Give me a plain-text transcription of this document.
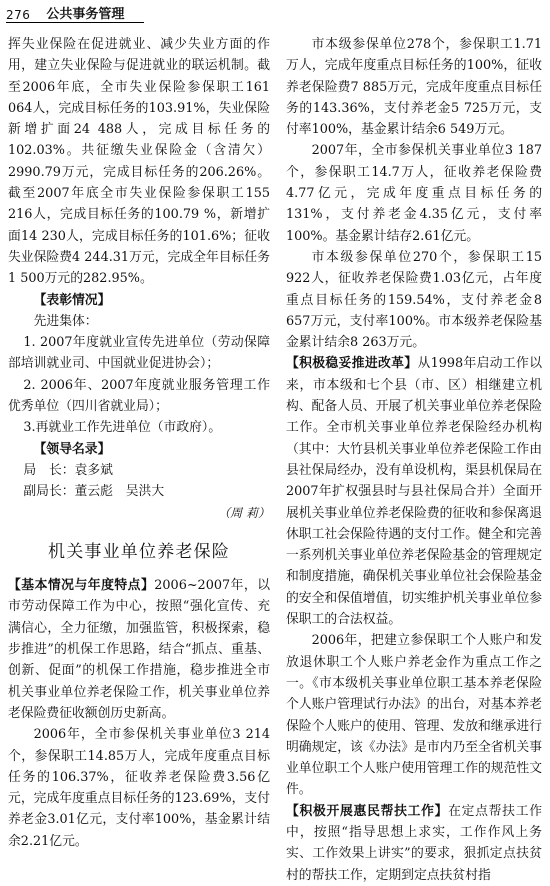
276 公共事务管理

挥失业保险在促进就业、减少失业方面的作用，建立失业保险与促进就业的联运机制。截至2006年底，全市失业保险参保职工161 064人，完成目标任务的103.91%，失业保险新增扩面24 488人，完成目标任务的102.03%。共征缴失业保险金（含清欠）2990.79万元，完成目标任务的206.26%。截至2007年底全市失业保险参保职工155 216人，完成目标任务的100.79 %，新增扩面14 230人，完成目标任务的101.6%；征收失业保险费4 244.31万元，完成全年目标任务1 500万元的282.95%。

【表彰情况】

先进集体：

1. 2007年度就业宣传先进单位（劳动保障部培训就业司、中国就业促进协会）；

2. 2006年、2007年度就业服务管理工作优秀单位（四川省就业局）；

3.再就业工作先进单位（市政府）。

【领导名录】

局　长：袁多斌

副局长：董云彪　吴洪大

（周 莉）

机关事业单位养老保险

【基本情况与年度特点】2006~2007年，以市劳动保障工作为中心，按照“强化宣传、充满信心，全力征缴，加强监管，积极探索，稳步推进”的机保工作思路，结合“抓点、重基、创新、促面”的机保工作措施，稳步推进全市机关事业单位养老保险工作，机关事业单位养老保险费征收额创历史新高。

2006年，全市参保机关事业单位3 214个，参保职工14.85万人，完成年度重点目标任务的106.37%，征收养老保险费3.56亿元，完成年度重点目标任务的123.69%，支付养老金3.01亿元，支付率100%，基金累计结余2.21亿元。

市本级参保单位278个，参保职工1.71万人，完成年度重点目标任务的100%，征收养老保险费7 885万元，完成年度重点目标任务的143.36%，支付养老金5 725万元，支付率100%，基金累计结余6 549万元。

2007年，全市参保机关事业单位3 187个，参保职工14.7万人，征收养老保险费4.77亿元，完成年度重点目标任务的131%，支付养老金4.35亿元，支付率100%。基金累计结存2.61亿元。

市本级参保单位270个，参保职工15 922人，征收养老保险费1.03亿元，占年度重点目标任务的159.54%，支付养老金8 657万元，支付率100%。市本级养老保险基金累计结余8 263万元。

【积极稳妥推进改革】从1998年启动工作以来，市本级和七个县（市、区）相继建立机构、配备人员、开展了机关事业单位养老保险工作。全市机关事业单位养老保险经办机构（其中：大竹县机关事业单位养老保险工作由县社保局经办，没有单设机构，渠县机保局在2007年扩权强县时与县社保局合并）全面开展机关事业单位养老保险费的征收和参保离退休职工社会保险待遇的支付工作。健全和完善一系列机关事业单位养老保险基金的管理规定和制度措施，确保机关事业单位社会保险基金的安全和保值增值，切实维护机关事业单位参保职工的合法权益。

2006年，把建立参保职工个人账户和发放退休职工个人账户养老金作为重点工作之一。《市本级机关事业单位职工基本养老保险个人账户管理试行办法》的出台，对基本养老保险个人账户的使用、管理、发放和继承进行明确规定，该《办法》是市内乃至全省机关事业单位职工个人账户使用管理工作的规范性文件。

【积极开展惠民帮扶工作】在定点帮扶工作中，按照“指导思想上求实，工作作风上务实、工作效果上讲实”的要求，狠抓定点扶贫村的帮扶工作，定期到定点扶贫村指
